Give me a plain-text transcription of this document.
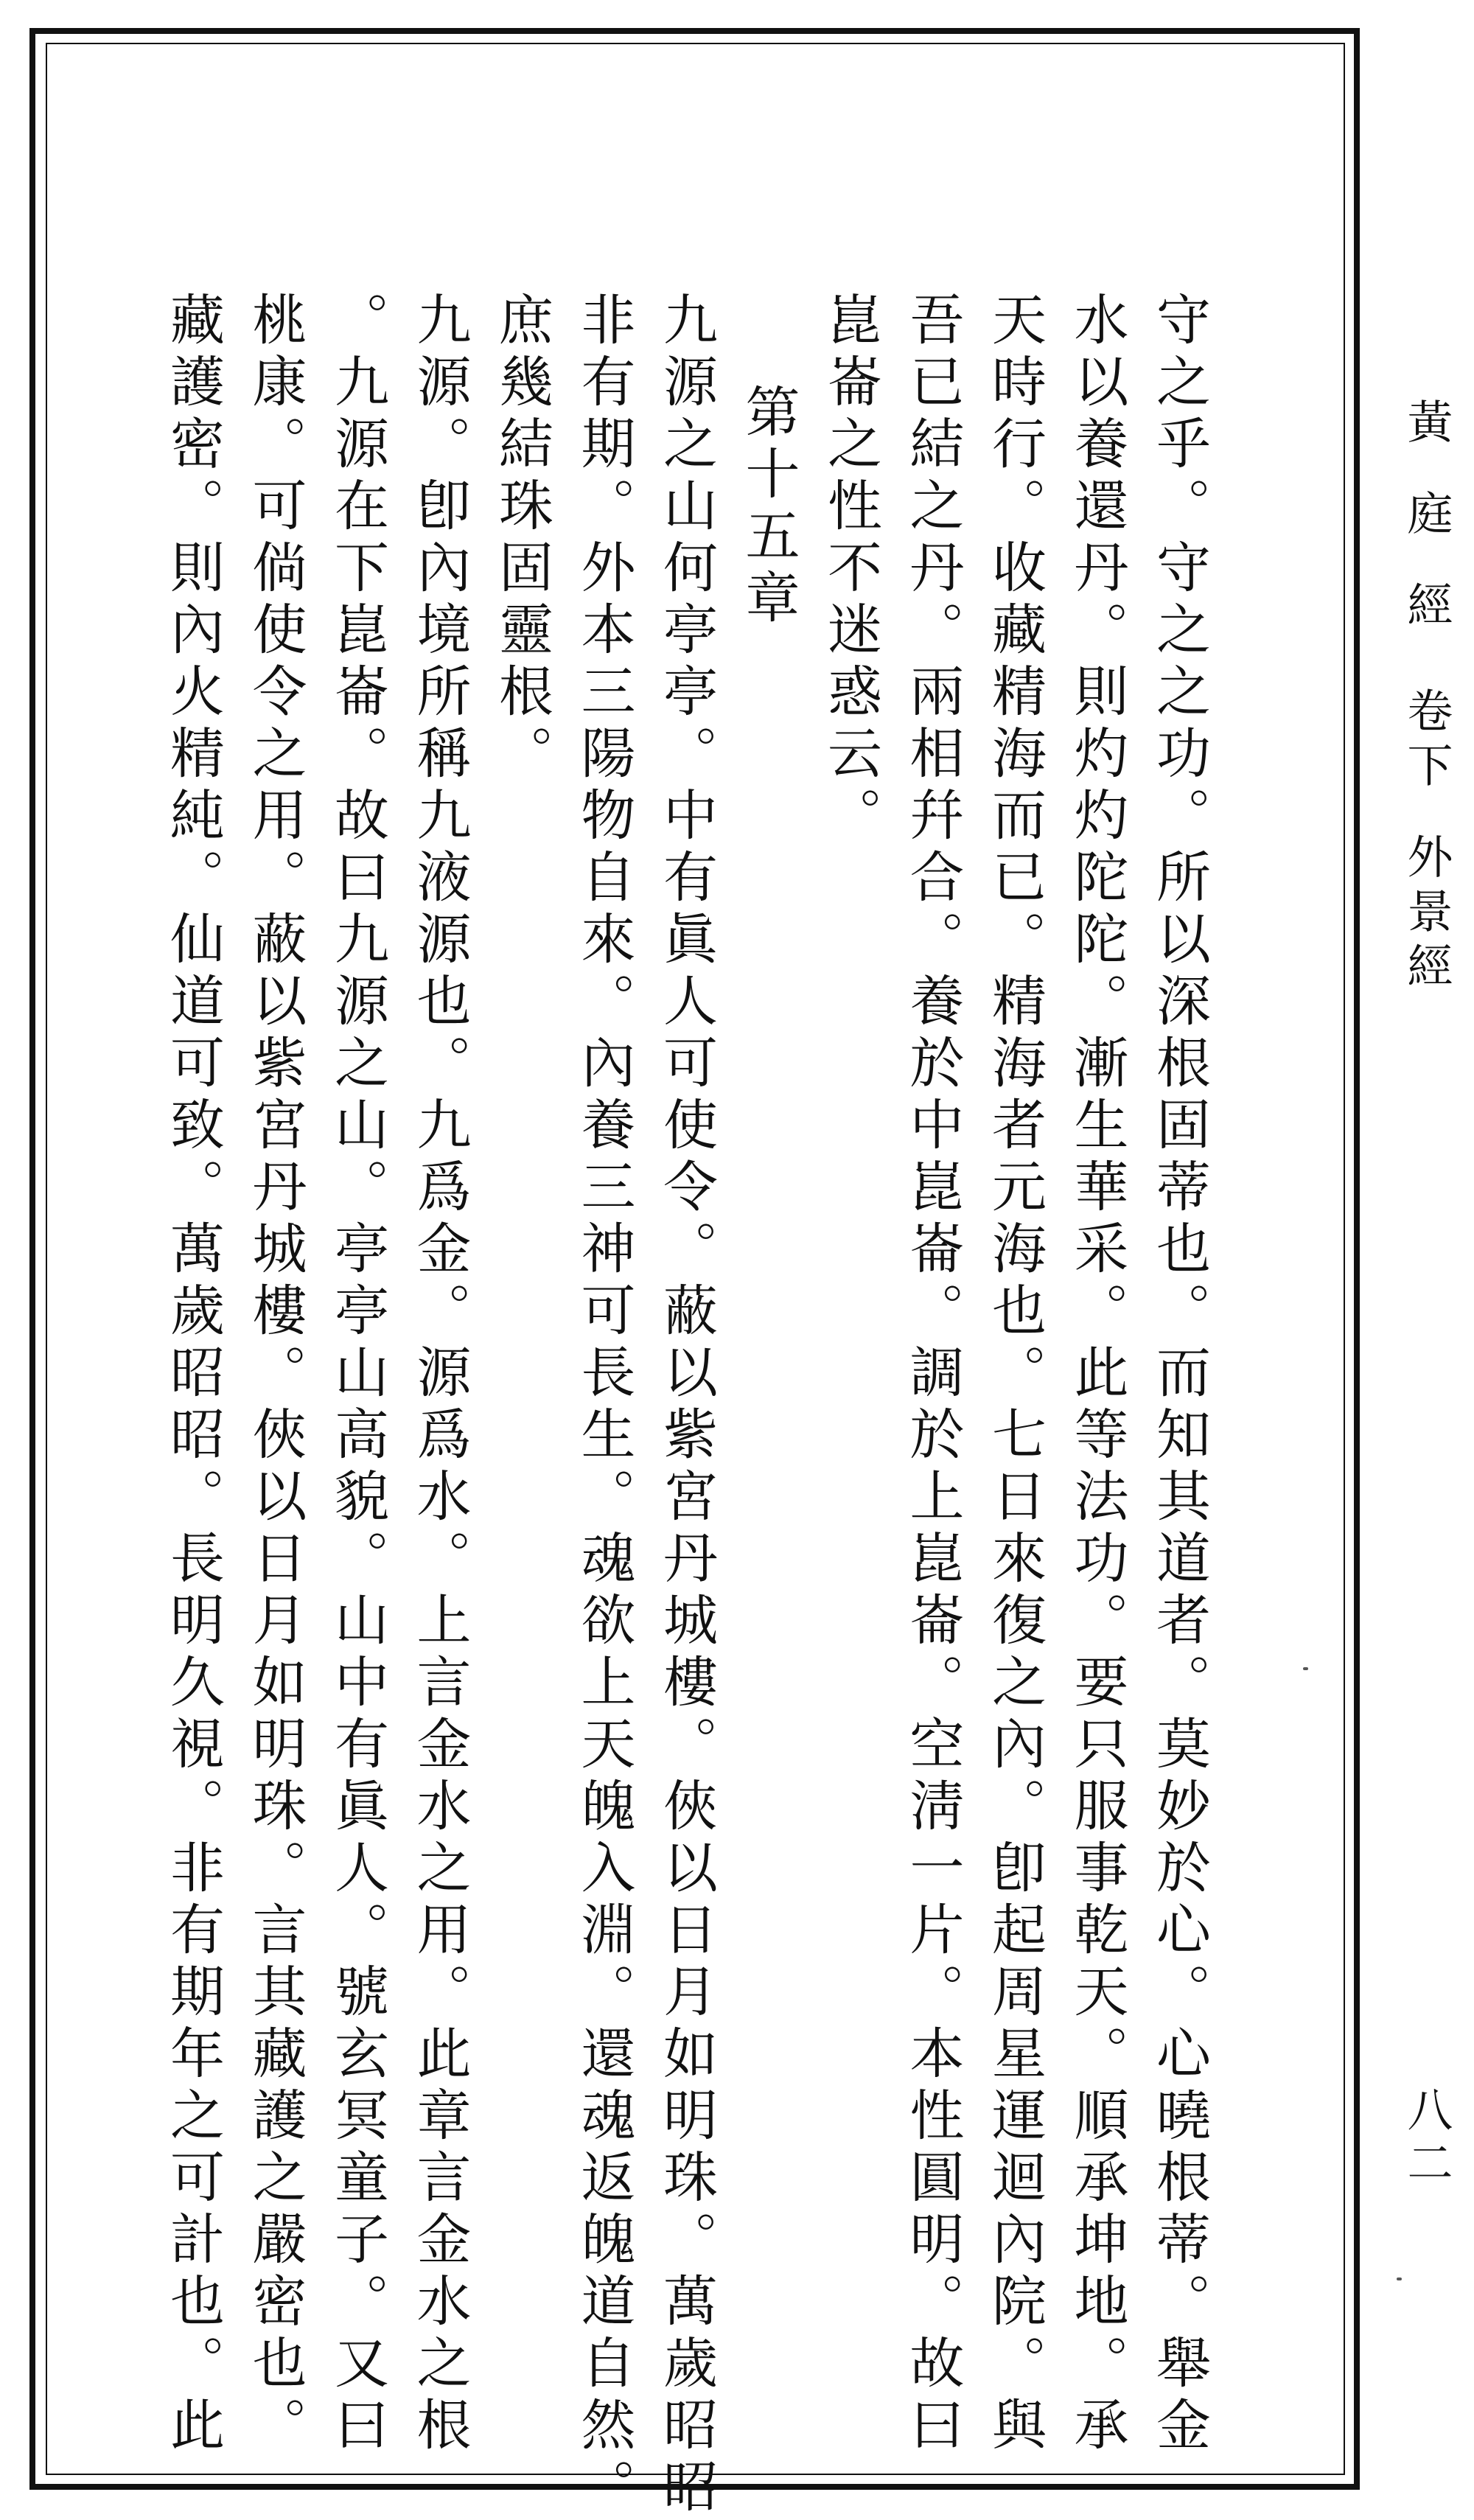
黃庭經卷下外景經
八二
守之乎。守之之功。所以深根固蒂也。而知其道者。莫妙於心。心曉根蒂。舉金
水以養還丹。則灼灼陀陀。漸生華采。此等法功。要只服事乾天。順承坤地。承
天時行。收藏精海而已。精海者元海也。七日來復之內。卽起周星運迴內院。與
吾已結之丹。兩相幷合。養於中崑崙。調於上崑崙。空淸一片。本性圓明。故曰
崑崙之性不迷惑云。
第十五章
九源之山何亭亭。中有眞人可使令。蔽以紫宮丹城樓。俠以日月如明珠。萬歲昭昭
非有期。外本三陽物自來。內養三神可長生。魂欲上天魄入淵。還魂返魄道自然。
庶幾結珠固靈根。
九源。卽內境所稱九液源也。九爲金。源爲水。上言金水之用。此章言金水之根
。九源在下崑崙。故曰九源之山。亭亭山高貌。山中有眞人。號玄冥童子。又曰
桃康。可倘使令之用。蔽以紫宮丹城樓。俠以日月如明珠。言其藏護之嚴密也。
藏護密。則內火精純。仙道可致。萬歲昭昭。長明久視。非有期年之可計也。此
